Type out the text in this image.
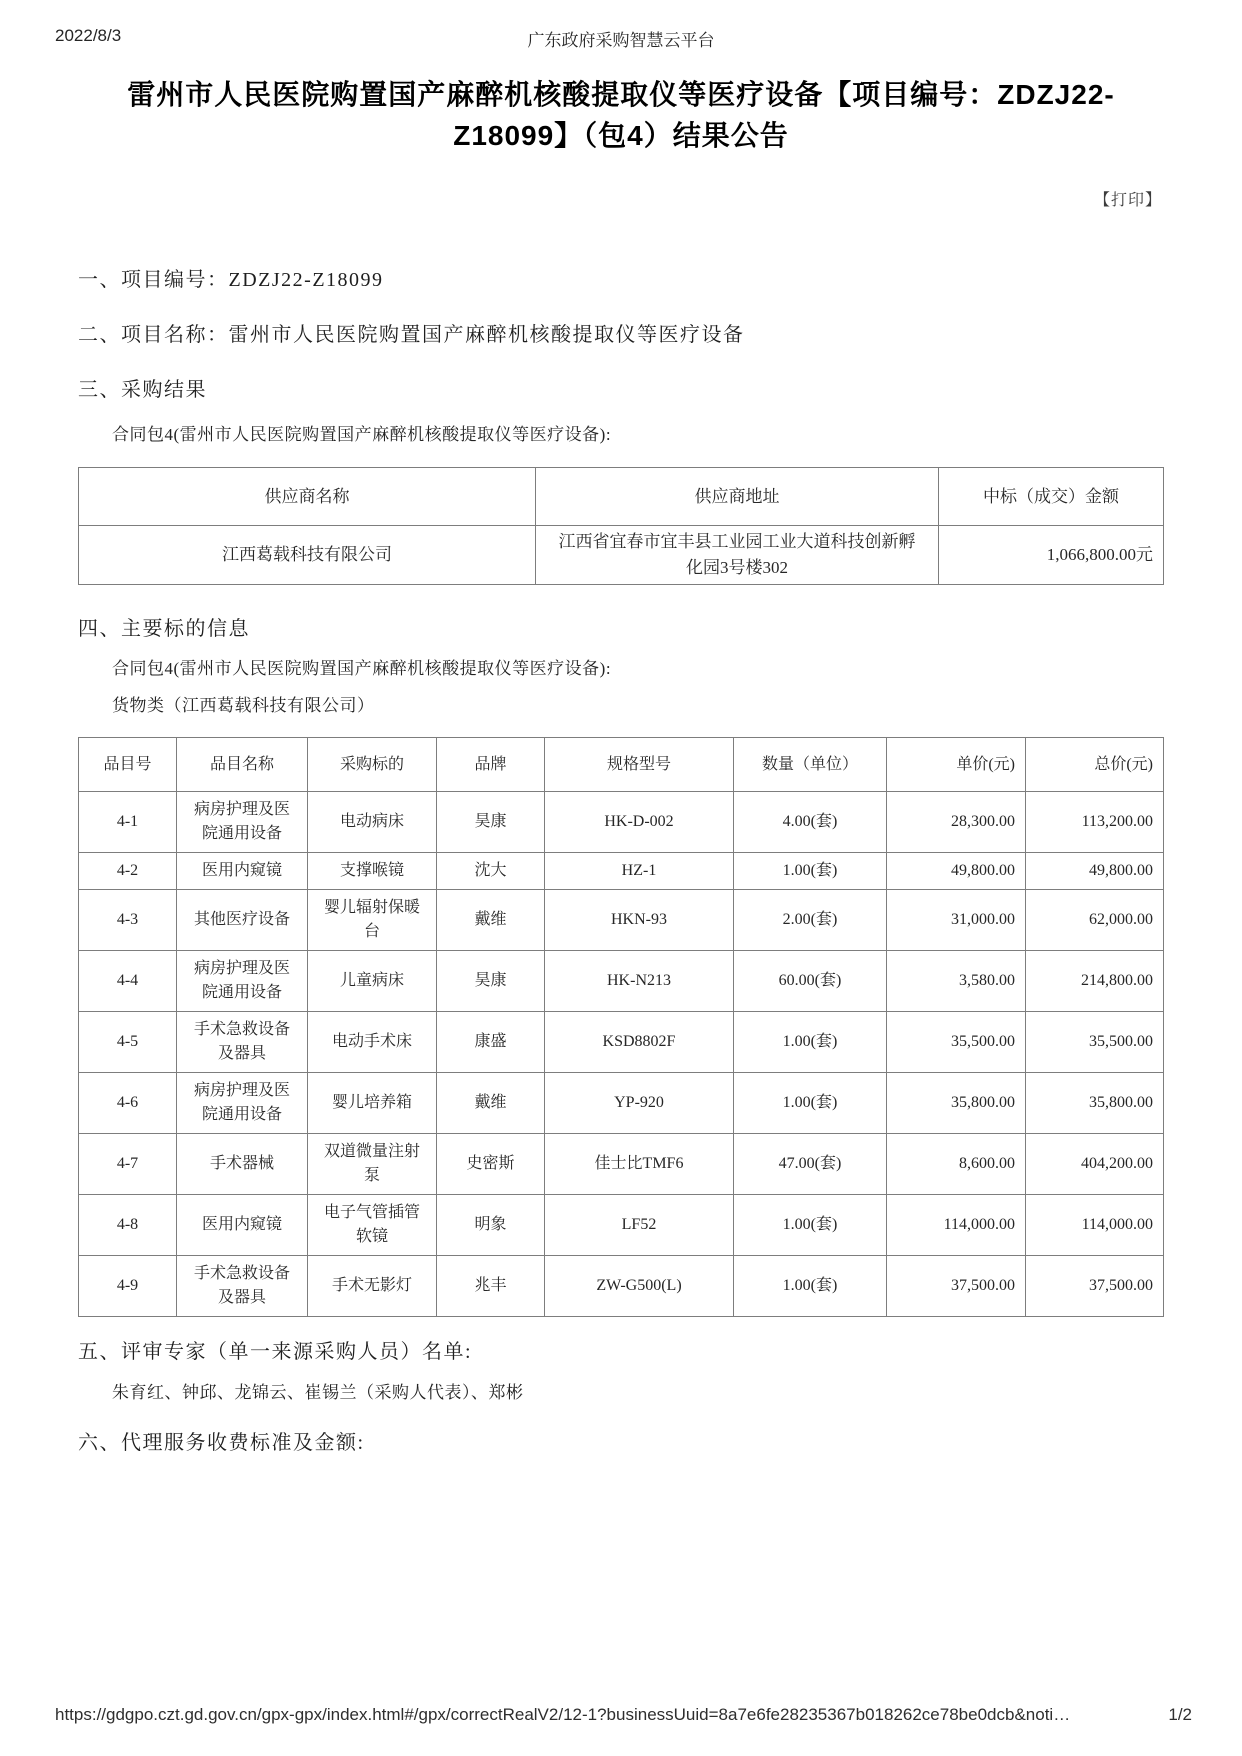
2022/8/3	广东政府采购智慧云平台
雷州市人民医院购置国产麻醉机核酸提取仪等医疗设备【项目编号：ZDZJ22-
Z18099】（包4）结果公告
【打印】
一、项目编号：ZDZJ22-Z18099
二、项目名称：雷州市人民医院购置国产麻醉机核酸提取仪等医疗设备
三、采购结果
合同包4(雷州市人民医院购置国产麻醉机核酸提取仪等医疗设备):
供应商名称	供应商地址	中标（成交）金额
江西葛载科技有限公司	江西省宜春市宜丰县工业园工业大道科技创新孵化园3号楼302	1,066,800.00元
四、主要标的信息
合同包4(雷州市人民医院购置国产麻醉机核酸提取仪等医疗设备):
货物类（江西葛载科技有限公司）
品目号	品目名称	采购标的	品牌	规格型号	数量（单位）	单价(元)	总价(元)
4-1	病房护理及医院通用设备	电动病床	昊康	HK-D-002	4.00(套)	28,300.00	113,200.00
4-2	医用内窥镜	支撑喉镜	沈大	HZ-1	1.00(套)	49,800.00	49,800.00
4-3	其他医疗设备	婴儿辐射保暖台	戴维	HKN-93	2.00(套)	31,000.00	62,000.00
4-4	病房护理及医院通用设备	儿童病床	昊康	HK-N213	60.00(套)	3,580.00	214,800.00
4-5	手术急救设备及器具	电动手术床	康盛	KSD8802F	1.00(套)	35,500.00	35,500.00
4-6	病房护理及医院通用设备	婴儿培养箱	戴维	YP-920	1.00(套)	35,800.00	35,800.00
4-7	手术器械	双道微量注射泵	史密斯	佳士比TMF6	47.00(套)	8,600.00	404,200.00
4-8	医用内窥镜	电子气管插管软镜	明象	LF52	1.00(套)	114,000.00	114,000.00
4-9	手术急救设备及器具	手术无影灯	兆丰	ZW-G500(L)	1.00(套)	37,500.00	37,500.00
五、评审专家（单一来源采购人员）名单:
朱育红、钟邱、龙锦云、崔锡兰（采购人代表）、郑彬
六、代理服务收费标准及金额:
https://gdgpo.czt.gd.gov.cn/gpx-gpx/index.html#/gpx/correctRealV2/12-1?businessUuid=8a7e6fe28235367b018262ce78be0dcb&noti…	1/2
